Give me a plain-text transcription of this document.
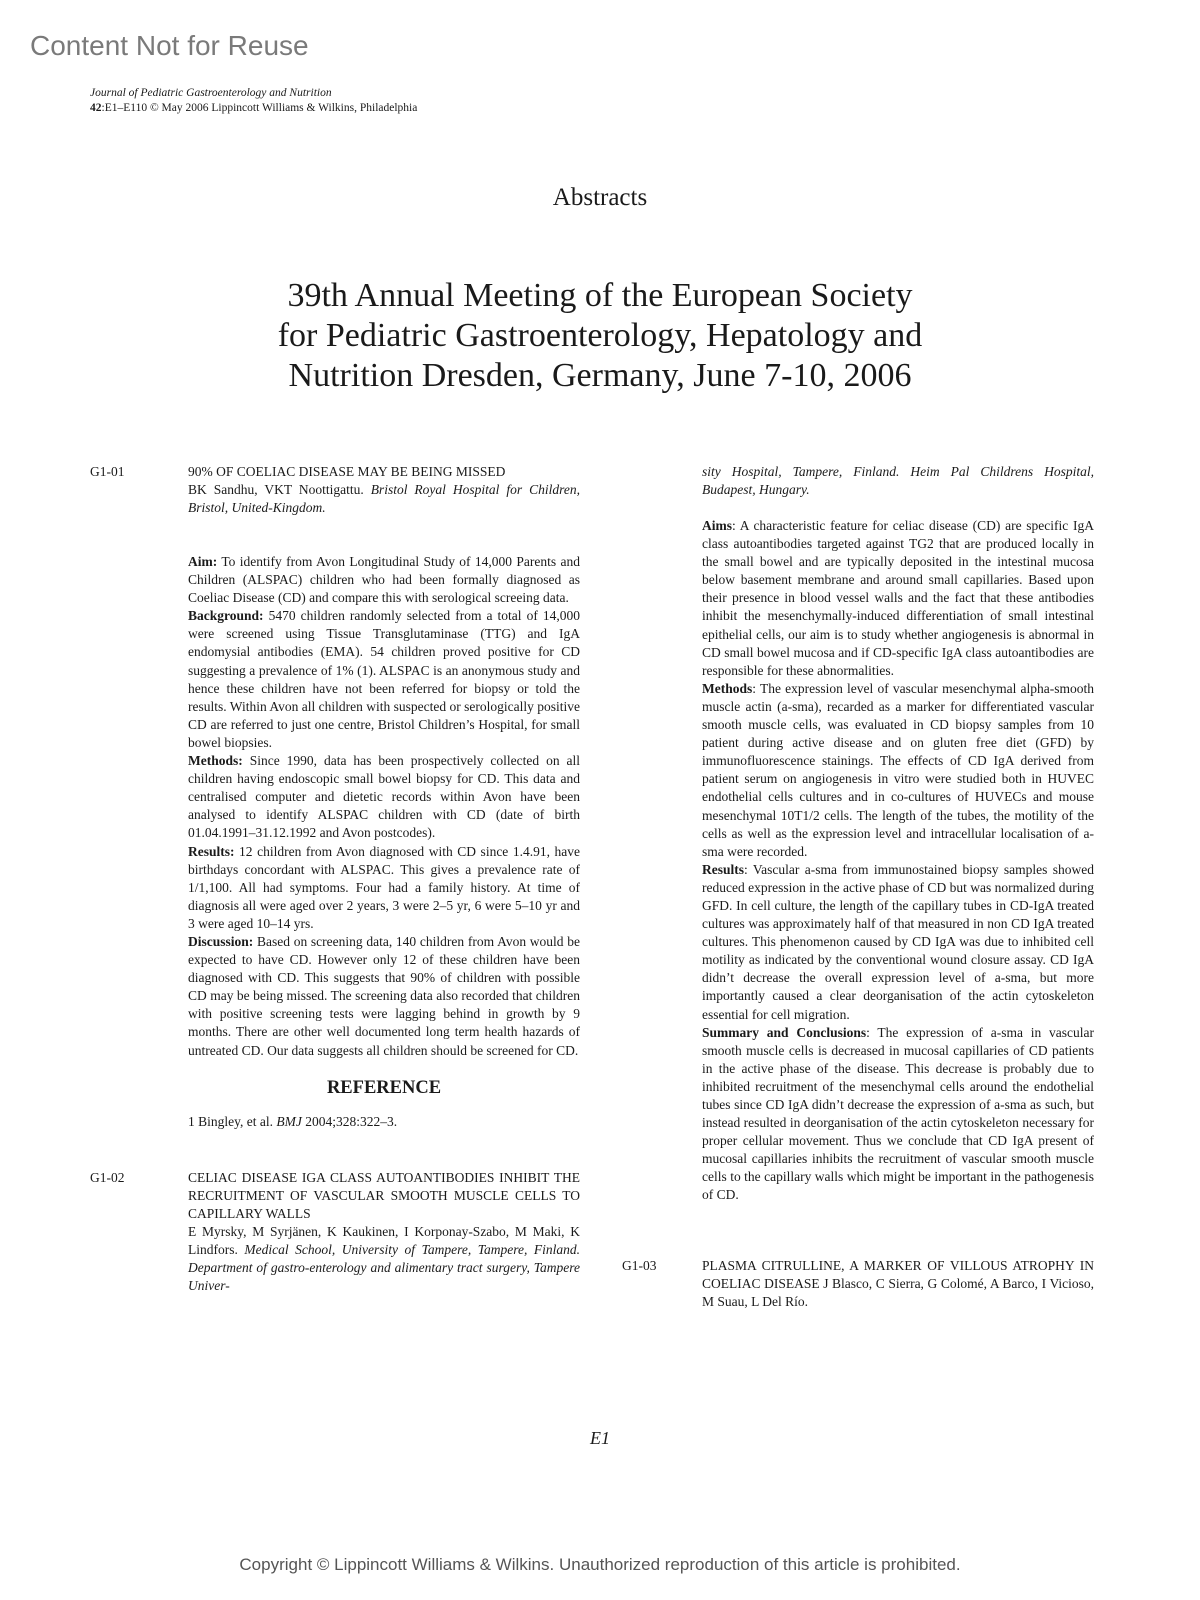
Content Not for Reuse
Journal of Pediatric Gastroenterology and Nutrition
42:E1–E110 © May 2006 Lippincott Williams & Wilkins, Philadelphia
Abstracts
39th Annual Meeting of the European Society
for Pediatric Gastroenterology, Hepatology and
Nutrition Dresden, Germany, June 7-10, 2006
G1-01	90% OF COELIAC DISEASE MAY BE BEING MISSED
BK Sandhu, VKT Noottigattu. Bristol Royal Hospital for Children, Bristol, United-Kingdom.

Aim: To identify from Avon Longitudinal Study of 14,000 Parents and Children (ALSPAC) children who had been formally diagnosed as Coeliac Disease (CD) and compare this with serological screeing data.

Background: 5470 children randomly selected from a total of 14,000 were screened using Tissue Transglutaminase (TTG) and IgA endomysial antibodies (EMA). 54 children proved positive for CD suggesting a prevalence of 1% (1). ALSPAC is an anonymous study and hence these children have not been referred for biopsy or told the results. Within Avon all children with suspected or serologically positive CD are referred to just one centre, Bristol Children’s Hospital, for small bowel biopsies.

Methods: Since 1990, data has been prospectively collected on all children having endoscopic small bowel biopsy for CD. This data and centralised computer and dietetic records within Avon have been analysed to identify ALSPAC children with CD (date of birth 01.04.1991–31.12.1992 and Avon postcodes).

Results: 12 children from Avon diagnosed with CD since 1.4.91, have birthdays concordant with ALSPAC. This gives a prevalence rate of 1/1,100. All had symptoms. Four had a family history. At time of diagnosis all were aged over 2 years, 3 were 2–5 yr, 6 were 5–10 yr and 3 were aged 10–14 yrs.

Discussion: Based on screening data, 140 children from Avon would be expected to have CD. However only 12 of these children have been diagnosed with CD. This suggests that 90% of children with possible CD may be being missed. The screening data also recorded that children with positive screening tests were lagging behind in growth by 9 months. There are other well documented long term health hazards of untreated CD. Our data suggests all children should be screened for CD.

REFERENCE
1 Bingley, et al. BMJ 2004;328:322–3.
G1-02	CELIAC DISEASE IGA CLASS AUTOANTIBODIES INHIBIT THE RECRUITMENT OF VASCULAR SMOOTH MUSCLE CELLS TO CAPILLARY WALLS
E Myrsky, M Syrjänen, K Kaukinen, I Korponay-Szabo, M Maki, K Lindfors. Medical School, University of Tampere, Tampere, Finland. Department of gastro-enterology and alimentary tract surgery, Tampere Univer-
sity Hospital, Tampere, Finland. Heim Pal Childrens Hospital, Budapest, Hungary.

Aims: A characteristic feature for celiac disease (CD) are specific IgA class autoantibodies targeted against TG2 that are produced locally in the small bowel and are typically deposited in the intestinal mucosa below basement membrane and around small capillaries. Based upon their presence in blood vessel walls and the fact that these antibodies inhibit the mesenchymally-induced differentiation of small intestinal epithelial cells, our aim is to study whether angiogenesis is abnormal in CD small bowel mucosa and if CD-specific IgA class autoantibodies are responsible for these abnormalities.

Methods: The expression level of vascular mesenchymal alpha-smooth muscle actin (a-sma), recarded as a marker for differentiated vascular smooth muscle cells, was evaluated in CD biopsy samples from 10 patient during active disease and on gluten free diet (GFD) by immunofluorescence stainings. The effects of CD IgA derived from patient serum on angiogenesis in vitro were studied both in HUVEC endothelial cells cultures and in co-cultures of HUVECs and mouse mesenchymal 10T1/2 cells. The length of the tubes, the motility of the cells as well as the expression level and intracellular localisation of a-sma were recorded.

Results: Vascular a-sma from immunostained biopsy samples showed reduced expression in the active phase of CD but was normalized during GFD. In cell culture, the length of the capillary tubes in CD-IgA treated cultures was approximately half of that measured in non CD IgA treated cultures. This phenomenon caused by CD IgA was due to inhibited cell motility as indicated by the conventional wound closure assay. CD IgA didn’t decrease the overall expression level of a-sma, but more importantly caused a clear deorganisation of the actin cytoskeleton essential for cell migration.

Summary and Conclusions: The expression of a-sma in vascular smooth muscle cells is decreased in mucosal capillaries of CD patients in the active phase of the disease. This decrease is probably due to inhibited recruitment of the mesenchymal cells around the endothelial tubes since CD IgA didn’t decrease the expression of a-sma as such, but instead resulted in deorganisation of the actin cytoskeleton necessary for proper cellular movement. Thus we conclude that CD IgA present of mucosal capillaries inhibits the recruitment of vascular smooth muscle cells to the capillary walls which might be important in the pathogenesis of CD.

G1-03	PLASMA CITRULLINE, A MARKER OF VILLOUS ATROPHY IN COELIAC DISEASE J Blasco, C Sierra, G Colomé, A Barco, I Vicioso, M Suau, L Del Río.
E1
Copyright © Lippincott Williams & Wilkins. Unauthorized reproduction of this article is prohibited.
